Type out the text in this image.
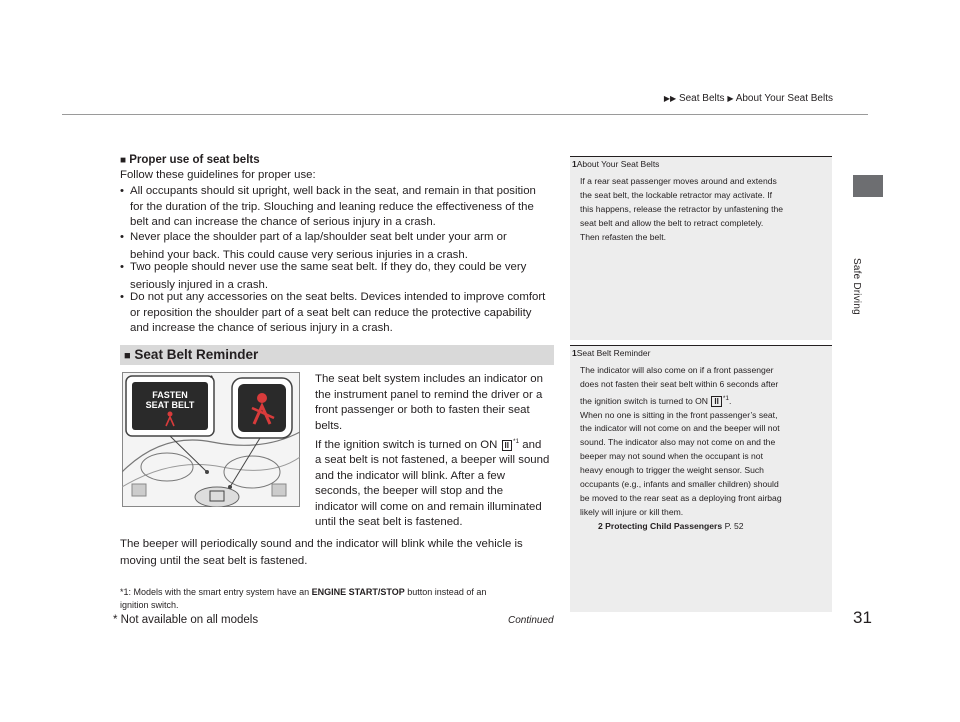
▶▶ Seat Belts ▶ About Your Seat Belts
Safe Driving
31
■ Proper use of seat belts
Follow these guidelines for proper use:
• All occupants should sit upright, well back in the seat, and remain in that position
for the duration of the trip. Slouching and leaning reduce the effectiveness of the
belt and can increase the chance of serious injury in a crash.
• Never place the shoulder part of a lap/shoulder seat belt under your arm or
behind your back. This could cause very serious injuries in a crash.
• Two people should never use the same seat belt. If they do, they could be very
seriously injured in a crash.
• Do not put any accessories on the seat belts. Devices intended to improve comfort
or reposition the shoulder part of a seat belt can reduce the protective capability
and increase the chance of serious injury in a crash.
■ Seat Belt Reminder
FASTEN
SEAT BELT
*	The seat belt system includes an indicator on
the instrument panel to remind the driver or a
front passenger or both to fasten their seat
belts.
If the ignition switch is turned on ON II $^{*1}$ and
a seat belt is not fastened, a beeper will sound
and the indicator will blink. After a few
seconds, the beeper will stop and the
indicator will come on and remain illuminated
until the seat belt is fastened.
The beeper will periodically sound and the indicator will blink while the vehicle is
moving until the seat belt is fastened.
*1: Models with the smart entry system have an ENGINE START/STOP button instead of an
ignition switch.
* Not available on all models	Continued
1About Your Seat Belts
If a rear seat passenger moves around and extends
the seat belt, the lockable retractor may activate. If
this happens, release the retractor by unfastening the
seat belt and allow the belt to retract completely.
Then refasten the belt.
1Seat Belt Reminder
The indicator will also come on if a front passenger
does not fasten their seat belt within 6 seconds after
the ignition switch is turned to ON II $^{*1}$.
When no one is sitting in the front passenger’s seat,
the indicator will not come on and the beeper will not
sound. The indicator also may not come on and the
beeper may not sound when the occupant is not
heavy enough to trigger the weight sensor. Such
occupants (e.g., infants and smaller children) should
be moved to the rear seat as a deploying front airbag
likely will injure or kill them.
2 Protecting Child Passengers P. 52
